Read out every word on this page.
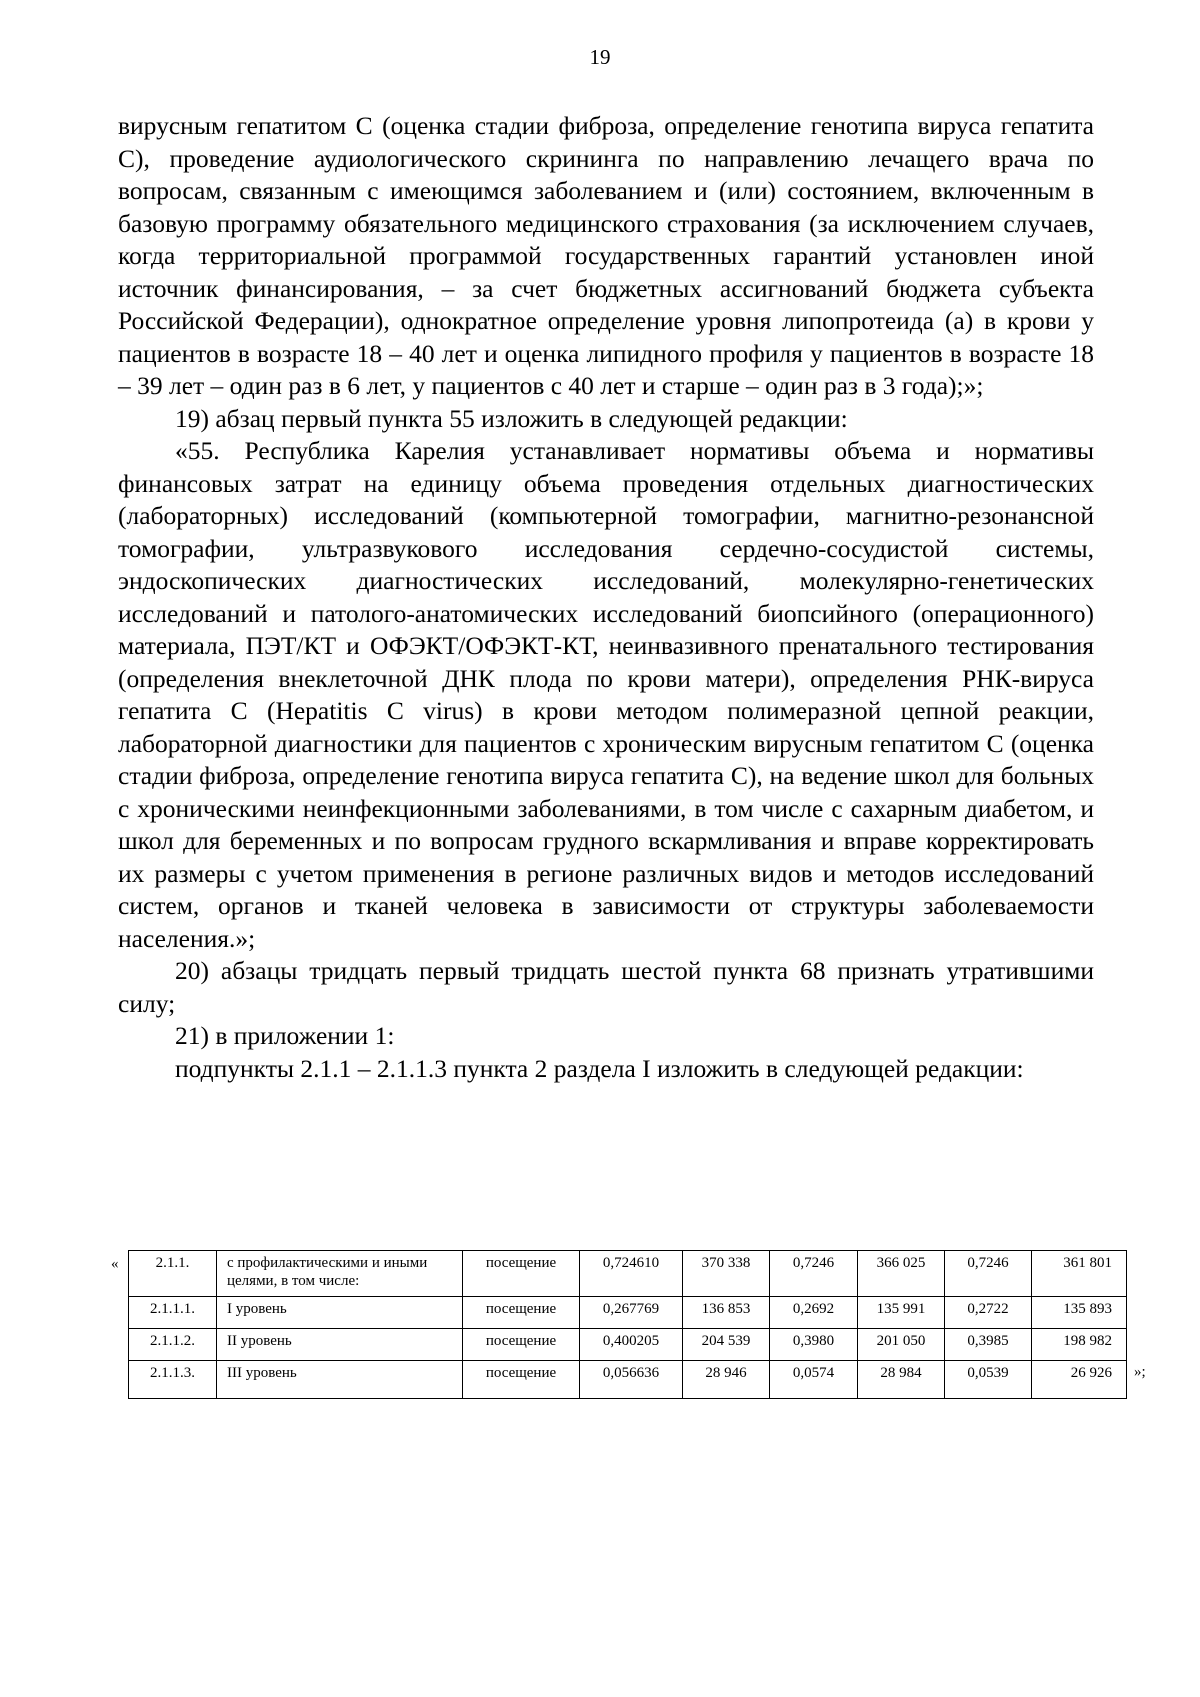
19

вирусным гепатитом С (оценка стадии фиброза, определение генотипа вируса гепатита С), проведение аудиологического скрининга по направлению лечащего врача по вопросам, связанным с имеющимся заболеванием и (или) состоянием, включенным в базовую программу обязательного медицинского страхования (за исключением случаев, когда территориальной программой государственных гарантий установлен иной источник финансирования, – за счет бюджетных ассигнований бюджета субъекта Российской Федерации), однократное определение уровня липопротеида (а) в крови у пациентов в возрасте 18 – 40 лет и оценка липидного профиля у пациентов в возрасте 18 – 39 лет – один раз в 6 лет, у пациентов с 40 лет и старше – один раз в 3 года);»;

19) абзац первый пункта 55 изложить в следующей редакции:

«55. Республика Карелия устанавливает нормативы объема и нормативы финансовых затрат на единицу объема проведения отдельных диагностических (лабораторных) исследований (компьютерной томографии, магнитно-резонансной томографии, ультразвукового исследования сердечно-сосудистой системы, эндоскопических диагностических исследований, молекулярно-генетических исследований и патолого-анатомических исследований биопсийного (операционного) материала, ПЭТ/КТ и ОФЭКТ/ОФЭКТ-КТ, неинвазивного пренатального тестирования (определения внеклеточной ДНК плода по крови матери), определения РНК-вируса гепатита С (Hepatitis C virus) в крови методом полимеразной цепной реакции, лабораторной диагностики для пациентов с хроническим вирусным гепатитом С (оценка стадии фиброза, определение генотипа вируса гепатита С), на ведение школ для больных с хроническими неинфекционными заболеваниями, в том числе с сахарным диабетом, и школ для беременных и по вопросам грудного вскармливания и вправе корректировать их размеры с учетом применения в регионе различных видов и методов исследований систем, органов и тканей человека в зависимости от структуры заболеваемости населения.»;

20) абзацы тридцать первый тридцать шестой пункта 68 признать утратившими силу;

21) в приложении 1:

подпункты 2.1.1 – 2.1.1.3 пункта 2 раздела I изложить в следующей редакции:

« 2.1.1.	с профилактическими и иными целями, в том числе:	посещение	0,724610	370 338	0,7246	366 025	0,7246	361 801
2.1.1.1.	I уровень	посещение	0,267769	136 853	0,2692	135 991	0,2722	135 893
2.1.1.2.	II уровень	посещение	0,400205	204 539	0,3980	201 050	0,3985	198 982
2.1.1.3.	III уровень	посещение	0,056636	28 946	0,0574	28 984	0,0539	26 926 »;
